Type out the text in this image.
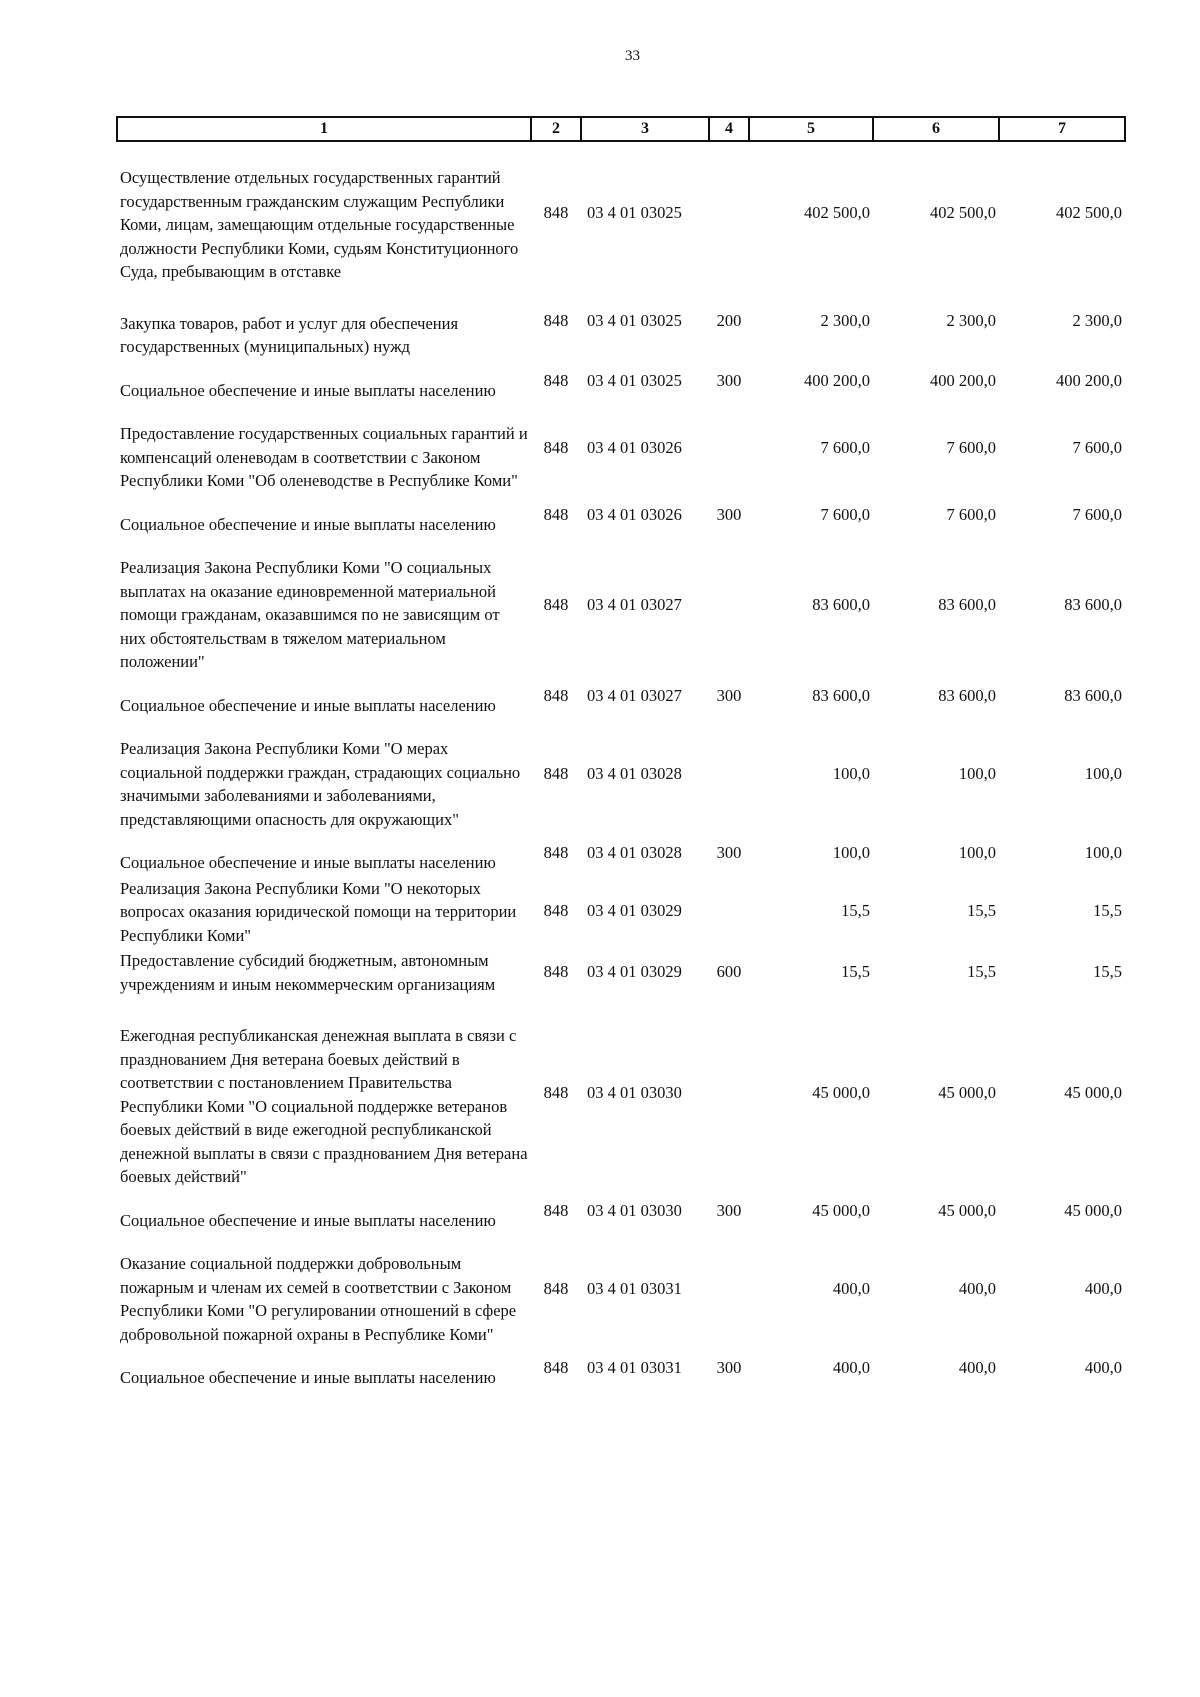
33
1	2	3	4	5	6	7
Осуществление отдельных государственных гарантий государственным гражданским служащим Республики Коми, лицам, замещающим отдельные государственные должности Республики Коми, судьям Конституционного Суда, пребывающим в отставке	848	03 4 01 03025		402 500,0	402 500,0	402 500,0
Закупка товаров, работ и услуг для обеспечения государственных (муниципальных) нужд	848	03 4 01 03025	200	2 300,0	2 300,0	2 300,0
Социальное обеспечение и иные выплаты населению	848	03 4 01 03025	300	400 200,0	400 200,0	400 200,0
Предоставление государственных социальных гарантий и компенсаций оленеводам в соответствии с Законом Республики Коми "Об оленеводстве в Республике Коми"	848	03 4 01 03026		7 600,0	7 600,0	7 600,0
Социальное обеспечение и иные выплаты населению	848	03 4 01 03026	300	7 600,0	7 600,0	7 600,0
Реализация Закона Республики Коми "О социальных выплатах на оказание единовременной материальной помощи гражданам, оказавшимся по не зависящим от них обстоятельствам в тяжелом материальном положении"	848	03 4 01 03027		83 600,0	83 600,0	83 600,0
Социальное обеспечение и иные выплаты населению	848	03 4 01 03027	300	83 600,0	83 600,0	83 600,0
Реализация Закона Республики Коми "О мерах социальной поддержки граждан, страдающих социально значимыми заболеваниями и заболеваниями, представляющими опасность для окружающих"	848	03 4 01 03028		100,0	100,0	100,0
Социальное обеспечение и иные выплаты населению	848	03 4 01 03028	300	100,0	100,0	100,0
Реализация Закона Республики Коми "О некоторых вопросах оказания юридической помощи на территории Республики Коми"	848	03 4 01 03029		15,5	15,5	15,5
Предоставление субсидий бюджетным, автономным учреждениям и иным некоммерческим организациям	848	03 4 01 03029	600	15,5	15,5	15,5
Ежегодная республиканская денежная выплата в связи с празднованием Дня ветерана боевых действий в соответствии с постановлением Правительства Республики Коми "О социальной поддержке ветеранов боевых действий в виде ежегодной республиканской денежной выплаты в связи с празднованием Дня ветерана боевых действий"	848	03 4 01 03030		45 000,0	45 000,0	45 000,0
Социальное обеспечение и иные выплаты населению	848	03 4 01 03030	300	45 000,0	45 000,0	45 000,0
Оказание социальной поддержки добровольным пожарным и членам их семей в соответствии с Законом Республики Коми "О регулировании отношений в сфере добровольной пожарной охраны в Республике Коми"	848	03 4 01 03031		400,0	400,0	400,0
Социальное обеспечение и иные выплаты населению	848	03 4 01 03031	300	400,0	400,0	400,0
